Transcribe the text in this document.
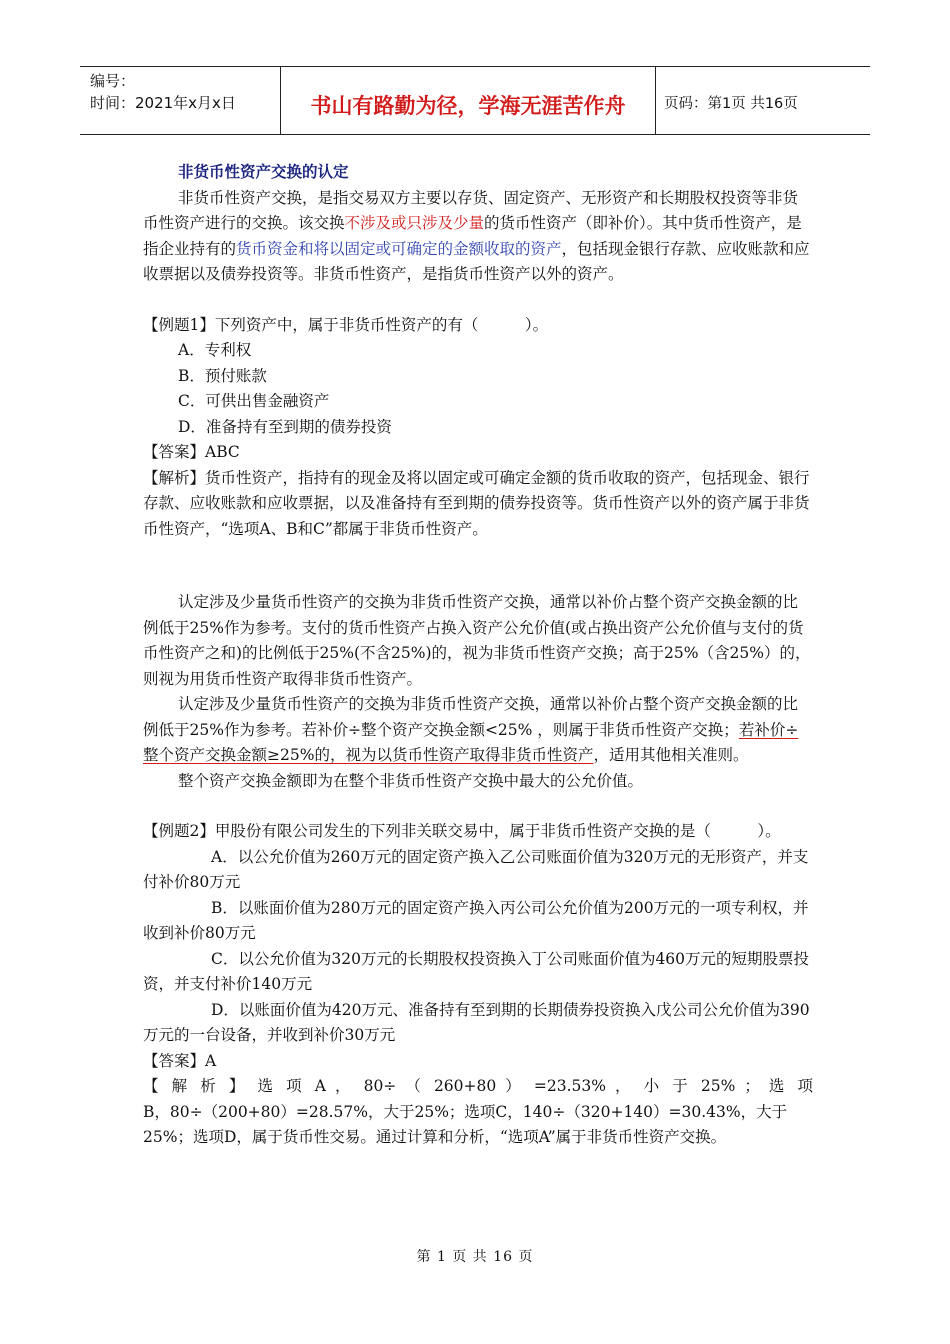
编号：
时间：2021年x月x日	书山有路勤为径，学海无涯苦作舟	页码：第1页 共16页

非货币性资产交换的认定

非货币性资产交换，是指交易双方主要以存货、固定资产、无形资产和长期股权投资等非货币性资产进行的交换。该交换不涉及或只涉及少量的货币性资产（即补价）。其中货币性资产，是指企业持有的货币资金和将以固定或可确定的金额收取的资产，包括现金银行存款、应收账款和应收票据以及债券投资等。非货币性资产，是指货币性资产以外的资产。

【例题1】下列资产中，属于非货币性资产的有（　　　）。

A．专利权

B．预付账款

C．可供出售金融资产

D．准备持有至到期的债券投资

【答案】ABC

【解析】货币性资产，指持有的现金及将以固定或可确定金额的货币收取的资产，包括现金、银行存款、应收账款和应收票据，以及准备持有至到期的债券投资等。货币性资产以外的资产属于非货币性资产，“选项A、B和C”都属于非货币性资产。

认定涉及少量货币性资产的交换为非货币性资产交换，通常以补价占整个资产交换金额的比例低于25%作为参考。支付的货币性资产占换入资产公允价值(或占换出资产公允价值与支付的货币性资产之和)的比例低于25%(不含25%)的，视为非货币性资产交换；高于25%（含25%）的，则视为用货币性资产取得非货币性资产。

认定涉及少量货币性资产的交换为非货币性资产交换，通常以补价占整个资产交换金额的比例低于25%作为参考。若补价÷整个资产交换金额<25% ，则属于非货币性资产交换；若补价÷整个资产交换金额≥25%的，视为以货币性资产取得非货币性资产，适用其他相关准则。

整个资产交换金额即为在整个非货币性资产交换中最大的公允价值。

【例题2】甲股份有限公司发生的下列非关联交易中，属于非货币性资产交换的是（　　　）。

A．以公允价值为260万元的固定资产换入乙公司账面价值为320万元的无形资产，并支付补价80万元

B．以账面价值为280万元的固定资产换入丙公司公允价值为200万元的一项专利权，并收到补价80万元

C．以公允价值为320万元的长期股权投资换入丁公司账面价值为460万元的短期股票投资，并支付补价140万元

D．以账面价值为420万元、准备持有至到期的长期债券投资换入戊公司公允价值为390万元的一台设备，并收到补价30万元

【答案】A

【 解 析 】 选 项 A ， 80÷ （ 260+80 ） =23.53% ， 小 于 25% ； 选 项

B，80÷（200+80）=28.57%，大于25%；选项C，140÷（320+140）=30.43%，大于25%；选项D，属于货币性交易。通过计算和分析，“选项A”属于非货币性资产交换。

第 1 页 共 16 页
